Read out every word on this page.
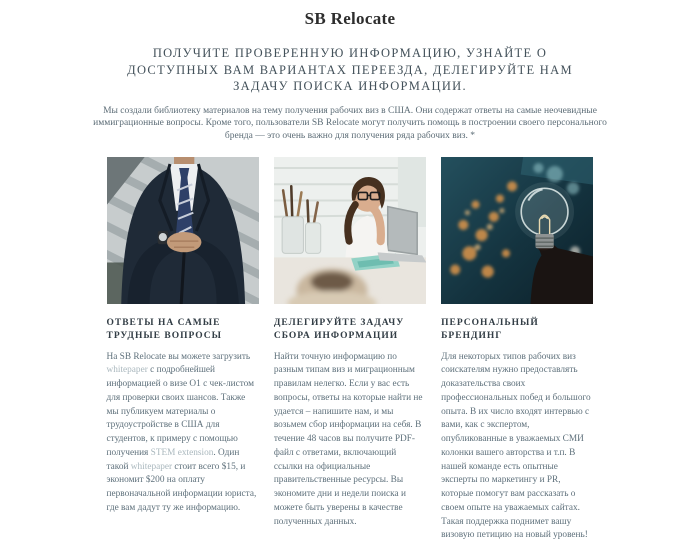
SB Relocate
ПОЛУЧИТЕ ПРОВЕРЕННУЮ ИНФОРМАЦИЮ, УЗНАЙТЕ О ДОСТУПНЫХ ВАМ ВАРИАНТАХ ПЕРЕЕЗДА, ДЕЛЕГИРУЙТЕ НАМ ЗАДАЧУ ПОИСКА ИНФОРМАЦИИ.

Мы создали библиотеку материалов на тему получения рабочих виз в США. Они содержат ответы на самые неочевидные иммиграционные вопросы. Кроме того, пользователи SB Relocate могут получить помощь в построении своего персонального бренда — это очень важно для получения ряда рабочих виз. *

ОТВЕТЫ НА САМЫЕ ТРУДНЫЕ ВОПРОСЫ

На SB Relocate вы можете загрузить whitepaper с подробнейшей информацией о визе O1 с чек-листом для проверки своих шансов. Также мы публикуем материалы о трудоустройстве в США для студентов, к примеру с помощью получения STEM extension. Один такой whitepaper стоит всего $15, и экономит $200 на оплату первоначальной информации юриста, где вам дадут ту же информацию.

ДЕЛЕГИРУЙТЕ ЗАДАЧУ СБОРА ИНФОРМАЦИИ

Найти точную информацию по разным типам виз и миграционным правилам нелегко. Если у вас есть вопросы, ответы на которые найти не удается – напишите нам, и мы возьмем сбор информации на себя. В течение 48 часов вы получите PDF-файл с ответами, включающий ссылки на официальные правительственные ресурсы. Вы экономите дни и недели поиска и можете быть уверены в качестве полученных данных.

ПЕРСОНАЛЬНЫЙ БРЕНДИНГ

Для некоторых типов рабочих виз соискателям нужно предоставлять доказательства своих профессиональных побед и большого опыта. В их число входят интервью с вами, как с экспертом, опубликованные в уважаемых СМИ колонки вашего авторства и т.п. В нашей команде есть опытные эксперты по маркетингу и PR, которые помогут вам рассказать о своем опыте на уважаемых сайтах. Такая поддержка поднимет вашу визовую петицию на новый уровень!
